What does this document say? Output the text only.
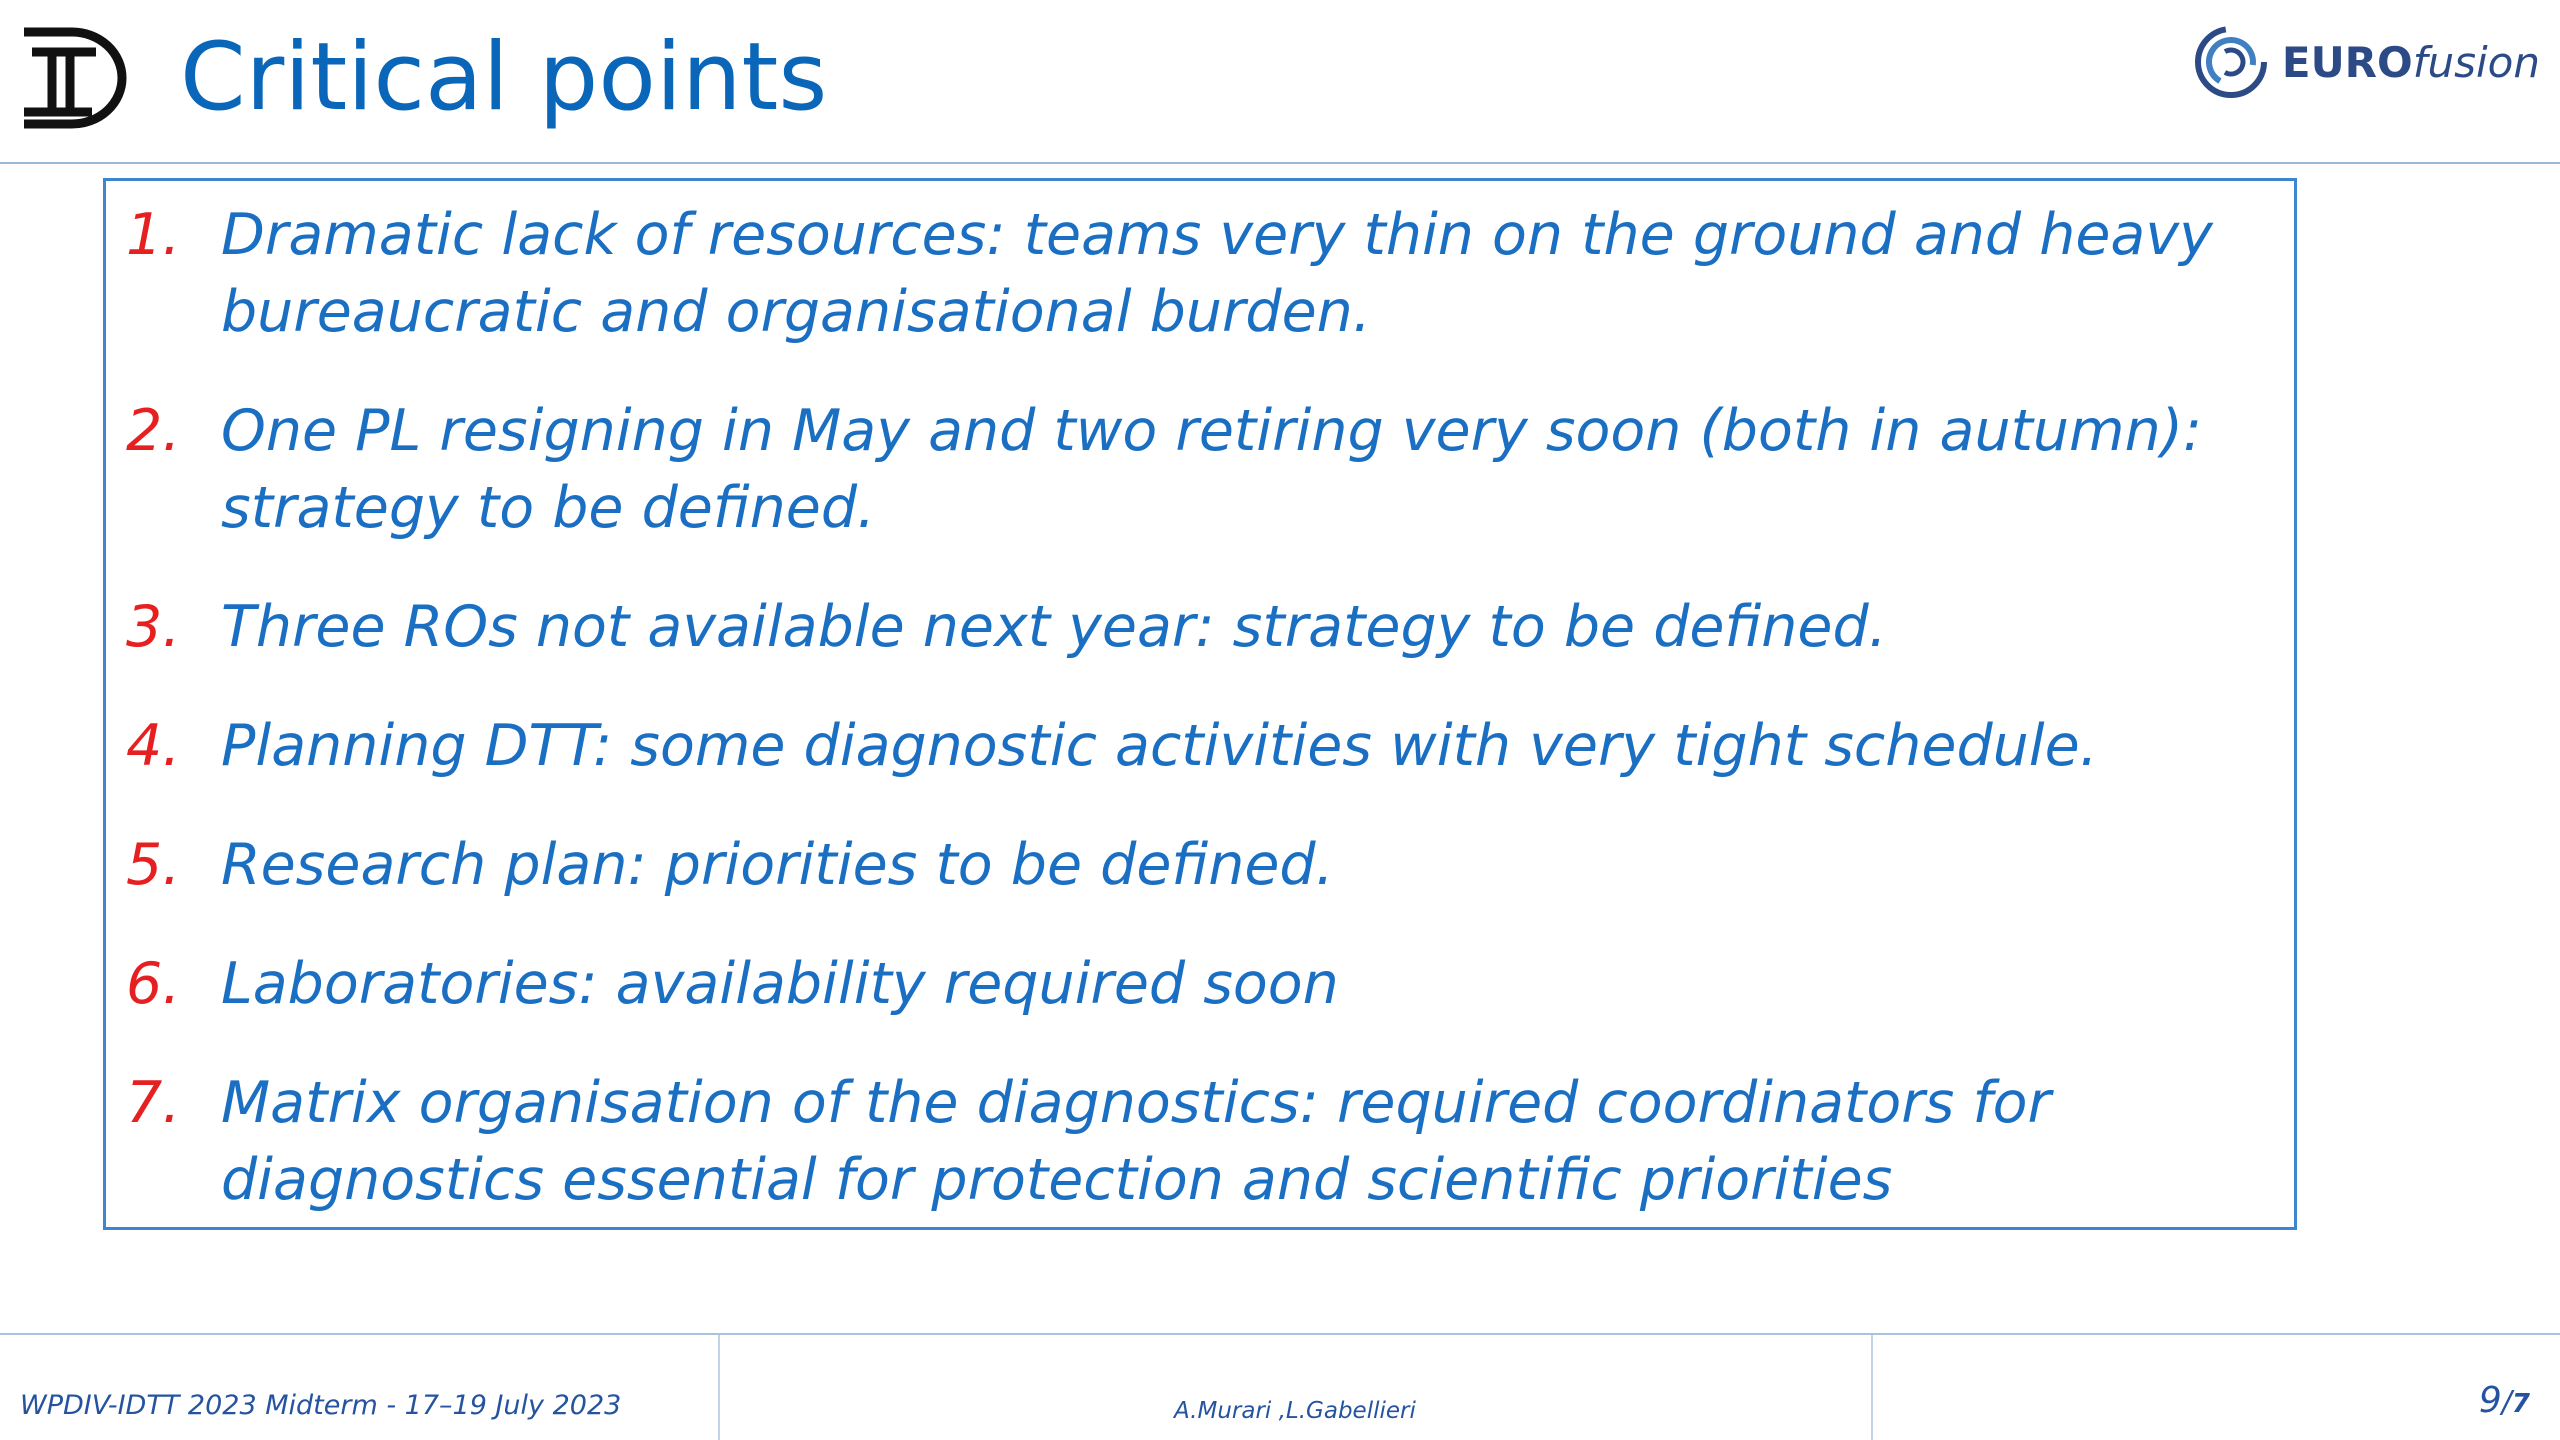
Critical points	EUROfusion
1. Dramatic lack of resources: teams very thin on the ground and heavy bureaucratic and organisational burden.
2. One PL resigning in May and two retiring very soon (both in autumn): strategy to be defined.
3. Three ROs not available next year: strategy to be defined.
4. Planning DTT: some diagnostic activities with very tight schedule.
5. Research plan: priorities to be defined.
6. Laboratories: availability required soon
7. Matrix organisation of the diagnostics: required coordinators for diagnostics essential for protection and scientific priorities
WPDIV-IDTT 2023 Midterm - 17–19 July 2023	A.Murari ,L.Gabellieri	9/7
